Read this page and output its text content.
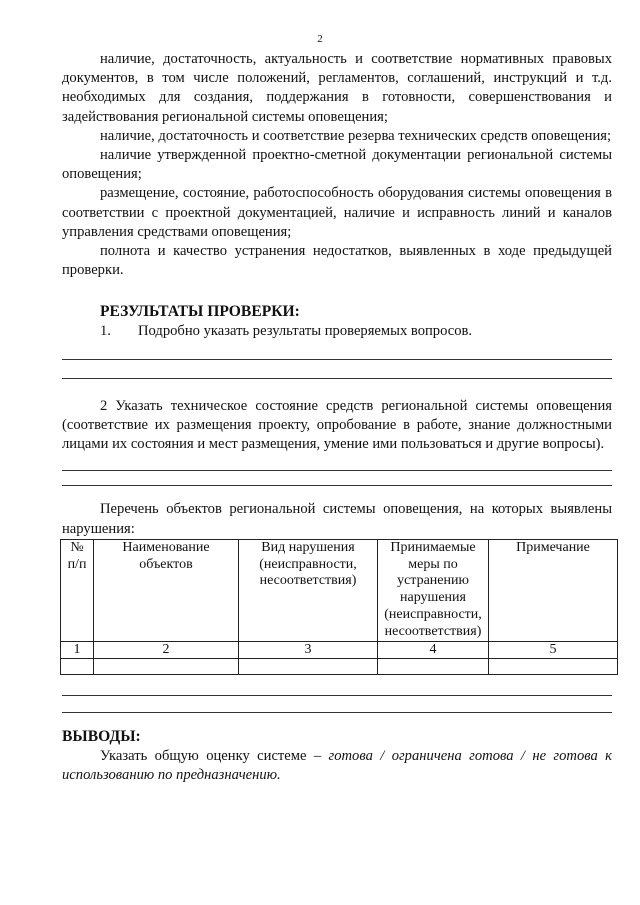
2

наличие, достаточность, актуальность и соответствие нормативных правовых документов, в том числе положений, регламентов, соглашений, инструкций и т.д. необходимых для создания, поддержания в готовности, совершенствования и задействования региональной системы оповещения;

наличие, достаточность и соответствие резерва технических средств оповещения;

наличие утвержденной проектно-сметной документации региональной системы оповещения;

размещение, состояние, работоспособность оборудования системы оповещения в соответствии с проектной документацией, наличие и исправность линий и каналов управления средствами оповещения;

полнота и качество устранения недостатков, выявленных в ходе предыдущей проверки.

РЕЗУЛЬТАТЫ ПРОВЕРКИ:

1.	Подробно указать результаты проверяемых вопросов.

2 Указать техническое состояние средств региональной системы оповещения (соответствие их размещения проекту, опробование в работе, знание должностными лицами их состояния и мест размещения, умение ими пользоваться и другие вопросы).

Перечень объектов региональной системы оповещения, на которых выявлены нарушения:

№ п/п	Наименование объектов	Вид нарушения (неисправности, несоответствия)	Принимаемые меры по устранению нарушения (неисправности, несоответствия)	Примечание
1	2	3	4	5

ВЫВОДЫ:

Указать общую оценку системе – готова / ограничена готова / не готова к использованию по предназначению.
